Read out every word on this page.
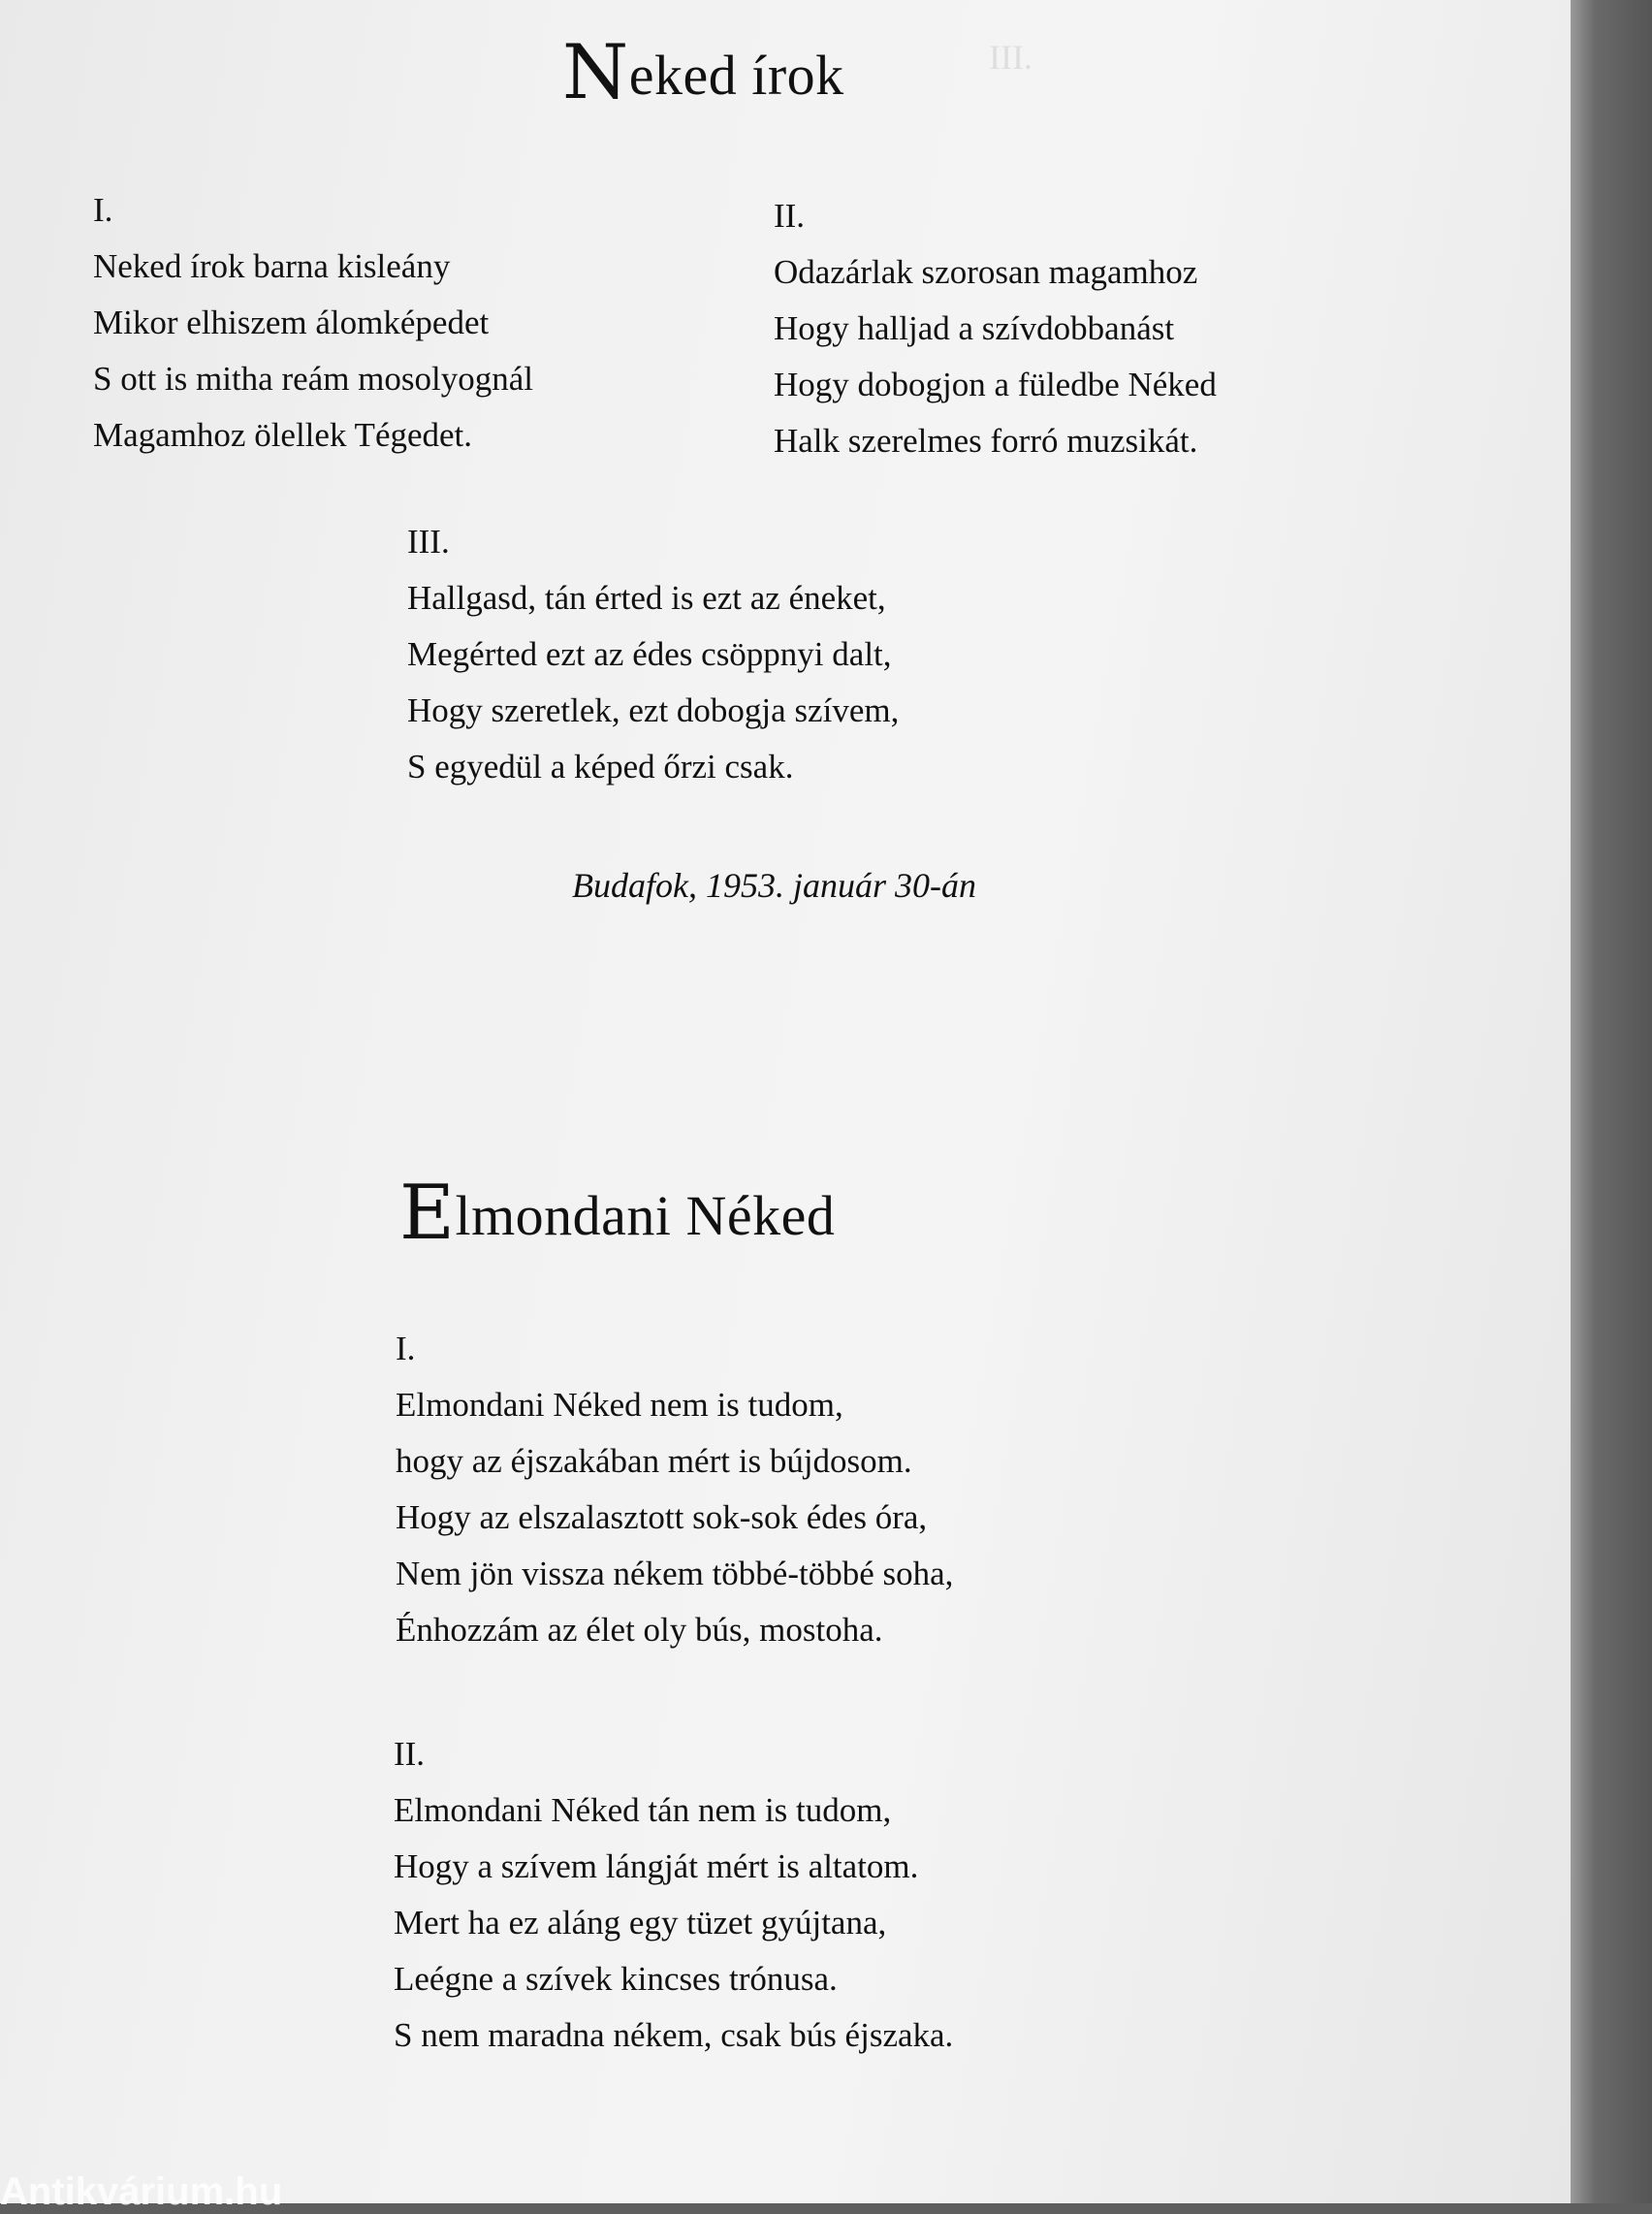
III.
Neked írok
I.
Neked írok barna kisleány
Mikor elhiszem álomképedet
S ott is mitha reám mosolyognál
Magamhoz ölellek Tégedet.
II.
Odazárlak szorosan magamhoz
Hogy halljad a szívdobbanást
Hogy dobogjon a füledbe Néked
Halk szerelmes forró muzsikát.
III.
Hallgasd, tán érted is ezt az éneket,
Megérted ezt az édes csöppnyi dalt,
Hogy szeretlek, ezt dobogja szívem,
S egyedül a képed őrzi csak.
Budafok, 1953. január 30-án
Elmondani Néked
I.
Elmondani Néked nem is tudom,
hogy az éjszakában mért is bújdosom.
Hogy az elszalasztott sok-sok édes óra,
Nem jön vissza nékem többé-többé soha,
Énhozzám az élet oly bús, mostoha.
II.
Elmondani Néked tán nem is tudom,
Hogy a szívem lángját mért is altatom.
Mert ha ez aláng egy tüzet gyújtana,
Leégne a szívek kincses trónusa.
S nem maradna nékem, csak bús éjszaka.
Antikvárium.hu
